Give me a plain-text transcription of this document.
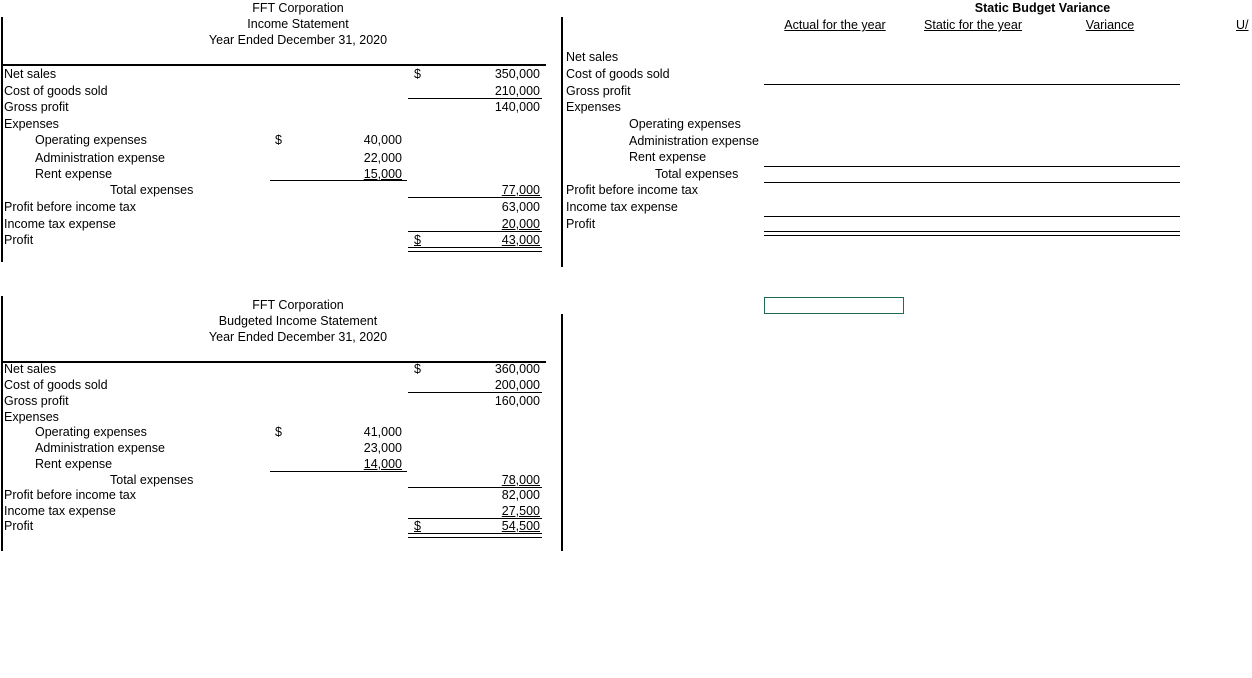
FFT Corporation
Income Statement
Year Ended December 31, 2020
Net sales	$	350,000
Cost of goods sold	210,000
Gross profit	140,000
Expenses
Operating expenses	$	40,000
Administration expense	22,000
Rent expense	15,000
Total expenses	77,000
Profit before income tax	63,000
Income tax expense	20,000
Profit	$	43,000
FFT Corporation
Budgeted Income Statement
Year Ended December 31, 2020
Net sales	$	360,000
Cost of goods sold	200,000
Gross profit	160,000
Expenses
Operating expenses	$	41,000
Administration expense	23,000
Rent expense	14,000
Total expenses	78,000
Profit before income tax	82,000
Income tax expense	27,500
Profit	$	54,500
Static Budget Variance
Actual for the year	Static for the year	Variance	U/
Net sales
Cost of goods sold
Gross profit
Expenses
Operating expenses
Administration expense
Rent expense
Total expenses
Profit before income tax
Income tax expense
Profit
